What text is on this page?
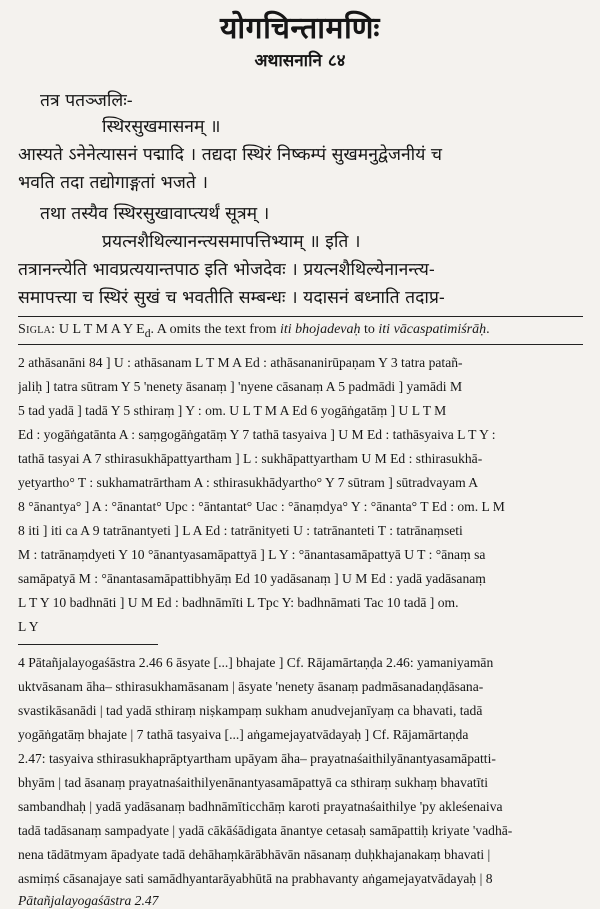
योगचिन्तामणिः
अथासनानि ८४
तत्र पतञ्जलिः-
स्थिरसुखमासनम् ॥
आस्यते ऽनेनेत्यासनं पद्मादि । तद्यदा स्थिरं निष्कम्पं सुखमनुद्वेजनीयं च
भवति तदा तद्योगाङ्गतां भजते ।
तथा तस्यैव स्थिरसुखावाप्त्यर्थं सूत्रम् ।
प्रयत्नशैथिल्यानन्त्यसमापत्तिभ्याम् ॥ इति ।
तत्रानन्त्येति भावप्रत्ययान्तपाठ इति भोजदेवः । प्रयत्नशैथिल्येनानन्त्य-
समापत्त्या च स्थिरं सुखं च भवतीति सम्बन्धः । यदासनं बध्नाति तदाप्र-
Sigla: U L T M A Y $E_d$. A omits the text from iti bhojadevaḥ to iti vācaspatimiśrāḥ.
2 athāsanāni 84 ] U : athāsanam L T M A Ed : athāsananirūpaṇam Y 3 tatra patañ-
jaliḥ ] tatra sūtram Y 5 'nenety āsanaṃ ] 'nyene cāsanaṃ A 5 padmādi ] yamādi M
5 tad yadā ] tadā Y 5 sthiraṃ ] Y : om. U L T M A Ed 6 yogāṅgatāṃ ] U L T M
Ed : yogāṅgatānta A : saṃgogāṅgatāṃ Y 7 tathā tasyaiva ] U M Ed : tathāsyaiva L T Y :
tathā tasyai A 7 sthirasukhāpattyartham ] L : sukhāpattyartham U M Ed : sthirasukhā-
yetyartho° T : sukhamatrārtham A : sthirasukhādyartho° Y 7 sūtram ] sūtradvayam A
8 °ānantya° ] A : °ānantat° Upc : °āntantat° Uac : °ānaṃdya° Y : °ānanta° T Ed : om. L M
8 iti ] iti ca A 9 tatrānantyeti ] L A Ed : tatrānityeti U : tatrānanteti T : tatrānaṃseti
M : tatrānaṃdyeti Y 10 °ānantyasamāpattyā ] L Y : °ānantasamāpattyā U T : °ānaṃ sa
samāpatyā M : °ānantasamāpattibhyāṃ Ed 10 yadāsanaṃ ] U M Ed : yadā yadāsanaṃ
L T Y 10 badhnāti ] U M Ed : badhnāmīti L Tpc Y: badhnāmati Tac 10 tadā ] om.
L Y
4 Pātañjalayogaśāstra 2.46 6 āsyate [...] bhajate ] Cf. Rājamārtaṇḍa 2.46: yamaniyamān
uktvāsanam āha– sthirasukhamāsanam | āsyate 'nenety āsanaṃ padmāsanadaṇḍāsana-
svastikāsanādi | tad yadā sthiraṃ niṣkampaṃ sukham anudvejanīyaṃ ca bhavati, tadā
yogāṅgatāṃ bhajate | 7 tathā tasyaiva [...] aṅgamejayatvādayaḥ ] Cf. Rājamārtaṇḍa
2.47: tasyaiva sthirasukhaprāptyartham upāyam āha– prayatnaśaithilyānantyasamāpatti-
bhyām | tad āsanaṃ prayatnaśaithilyenānantyasamāpattyā ca sthiraṃ sukhaṃ bhavatīti
sambandhaḥ | yadā yadāsanaṃ badhnāmīticchāṃ karoti prayatnaśaithilye 'py akleśenaiva
tadā tadāsanaṃ sampadyate | yadā cākāśādigata ānantye cetasaḥ samāpattiḥ kriyate 'vadhā-
nena tādātmyam āpadyate tadā dehāhaṃkārābhāvān nāsanaṃ duḥkhajanakaṃ bhavati |
asmiṃś cāsanajaye sati samādhyantarāyabhūtā na prabhavanty aṅgamejayatvādayaḥ | 8
Pātañjalayogaśāstra 2.47
